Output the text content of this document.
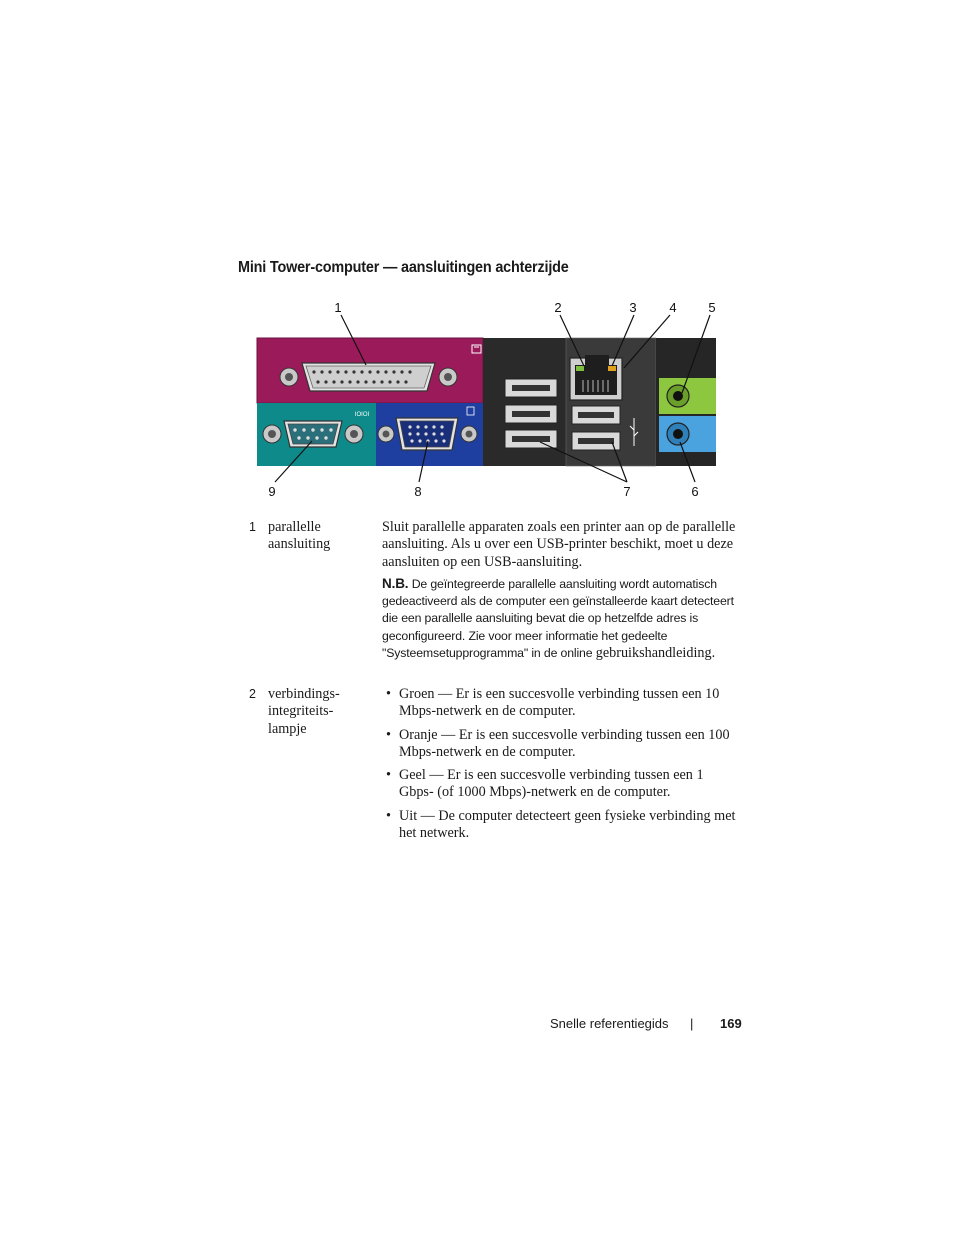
Mini Tower-computer — aansluitingen achterzijde
1	2	3	4 5
9	8	7	6
IOIOI
1 parallelle aansluiting
Sluit parallelle apparaten zoals een printer aan op de parallelle aansluiting. Als u over een USB-printer beschikt, moet u deze aansluiten op een USB-aansluiting.
N.B. De geïntegreerde parallelle aansluiting wordt automatisch gedeactiveerd als de computer een geïnstalleerde kaart detecteert die een parallelle aansluiting bevat die op hetzelfde adres is geconfigureerd. Zie voor meer informatie het gedeelte "Systeemsetupprogramma" in de online gebruikshandleiding.
2 verbindings-integriteits-lampje
• Groen — Er is een succesvolle verbinding tussen een 10 Mbps-netwerk en de computer.
• Oranje — Er is een succesvolle verbinding tussen een 100 Mbps-netwerk en de computer.
• Geel — Er is een succesvolle verbinding tussen een 1 Gbps- (of 1000 Mbps)-netwerk en de computer.
• Uit — De computer detecteert geen fysieke verbinding met het netwerk.
Snelle referentiegids | 169
